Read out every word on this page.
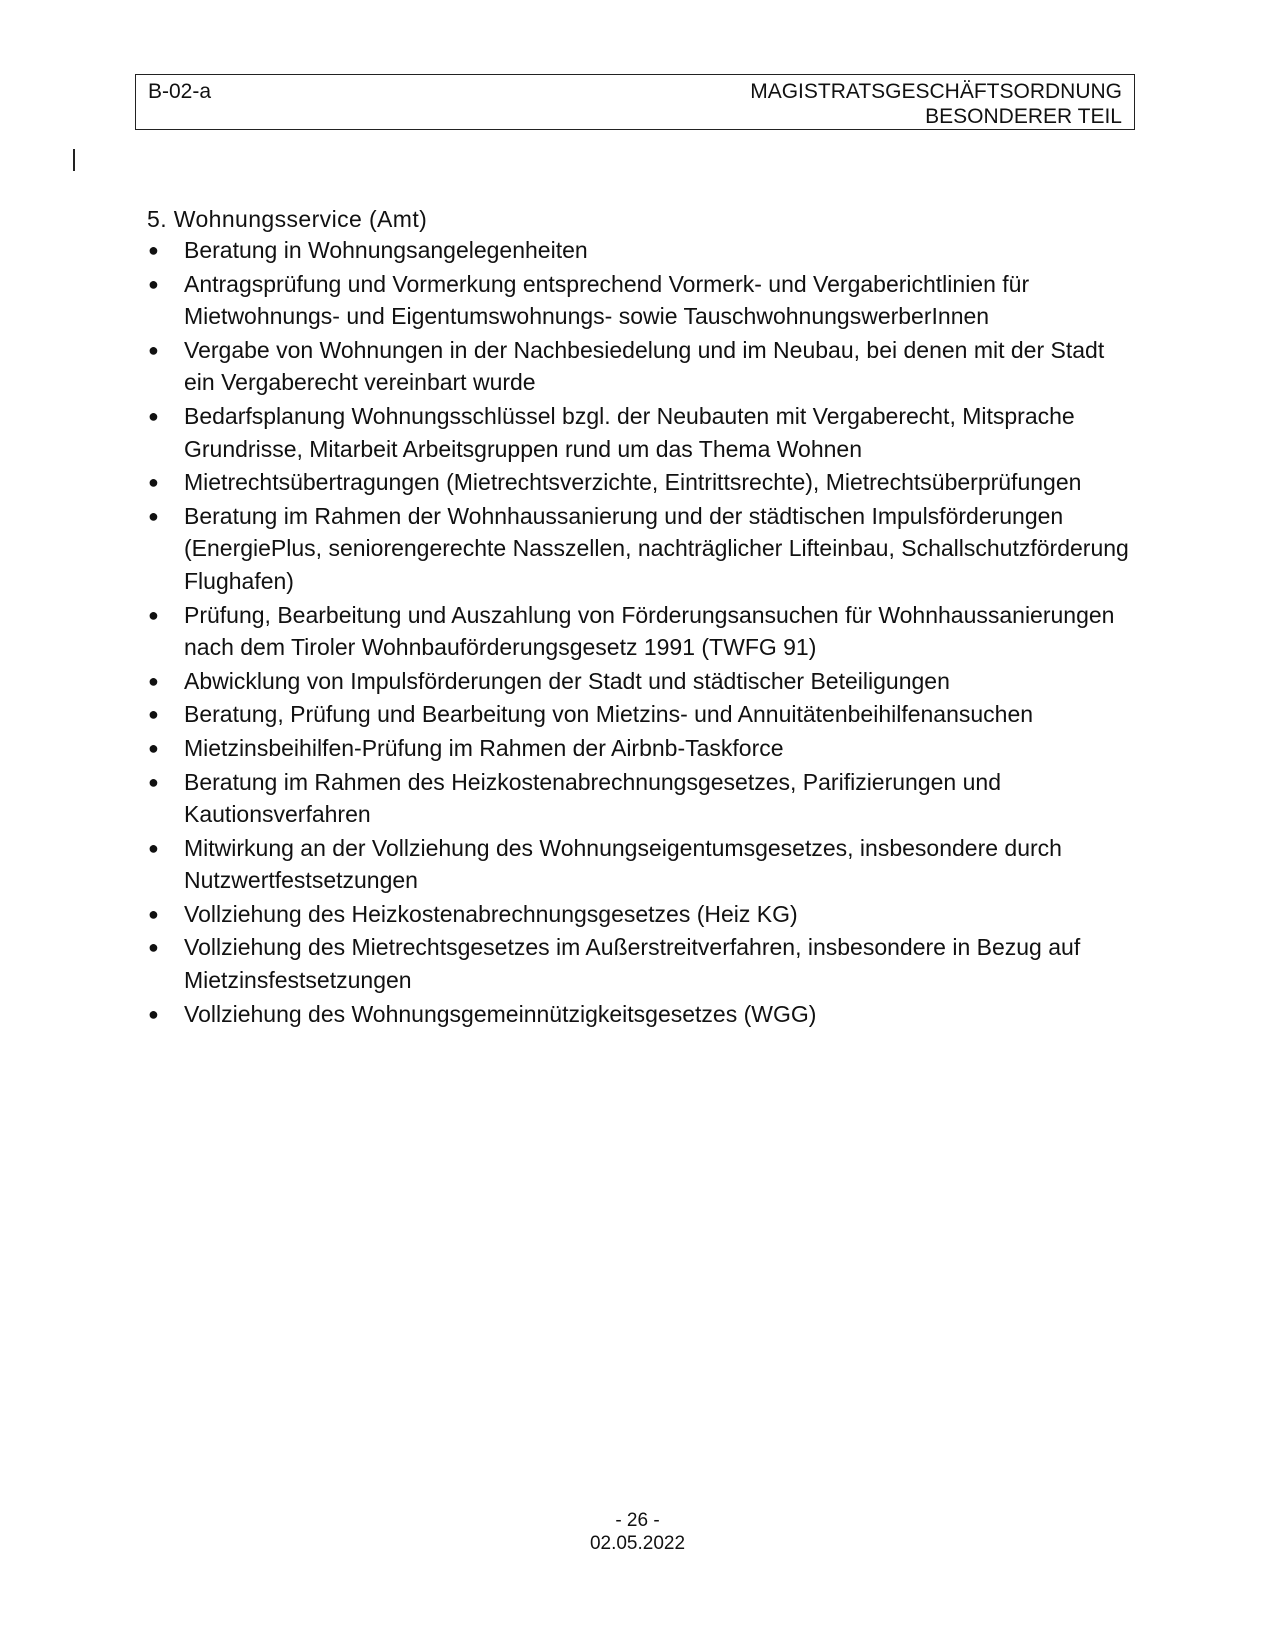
B-02-a	MAGISTRATSGESCHÄFTSORDNUNG
BESONDERER TEIL
5. Wohnungsservice (Amt)
● Beratung in Wohnungsangelegenheiten
● Antragsprüfung und Vormerkung entsprechend Vormerk- und Vergaberichtlinien für Mietwohnungs- und Eigentumswohnungs- sowie TauschwohnungswerberInnen
● Vergabe von Wohnungen in der Nachbesiedelung und im Neubau, bei denen mit der Stadt ein Vergaberecht vereinbart wurde
● Bedarfsplanung Wohnungsschlüssel bzgl. der Neubauten mit Vergaberecht, Mitsprache Grundrisse, Mitarbeit Arbeitsgruppen rund um das Thema Wohnen
● Mietrechtsübertragungen (Mietrechtsverzichte, Eintrittsrechte), Mietrechtsüberprüfungen
● Beratung im Rahmen der Wohnhaussanierung und der städtischen Impulsförderungen (EnergiePlus, seniorengerechte Nasszellen, nachträglicher Lifteinbau, Schallschutzförderung Flughafen)
● Prüfung, Bearbeitung und Auszahlung von Förderungsansuchen für Wohnhaussanierungen nach dem Tiroler Wohnbauförderungsgesetz 1991 (TWFG 91)
● Abwicklung von Impulsförderungen der Stadt und städtischer Beteiligungen
● Beratung, Prüfung und Bearbeitung von Mietzins- und Annuitätenbeihilfenansuchen
● Mietzinsbeihilfen-Prüfung im Rahmen der Airbnb-Taskforce
● Beratung im Rahmen des Heizkostenabrechnungsgesetzes, Parifizierungen und Kautionsverfahren
● Mitwirkung an der Vollziehung des Wohnungseigentumsgesetzes, insbesondere durch Nutzwertfestsetzungen
● Vollziehung des Heizkostenabrechnungsgesetzes (Heiz KG)
● Vollziehung des Mietrechtsgesetzes im Außerstreitverfahren, insbesondere in Bezug auf Mietzinsfestsetzungen
● Vollziehung des Wohnungsgemeinnützigkeitsgesetzes (WGG)
- 26 -
02.05.2022
